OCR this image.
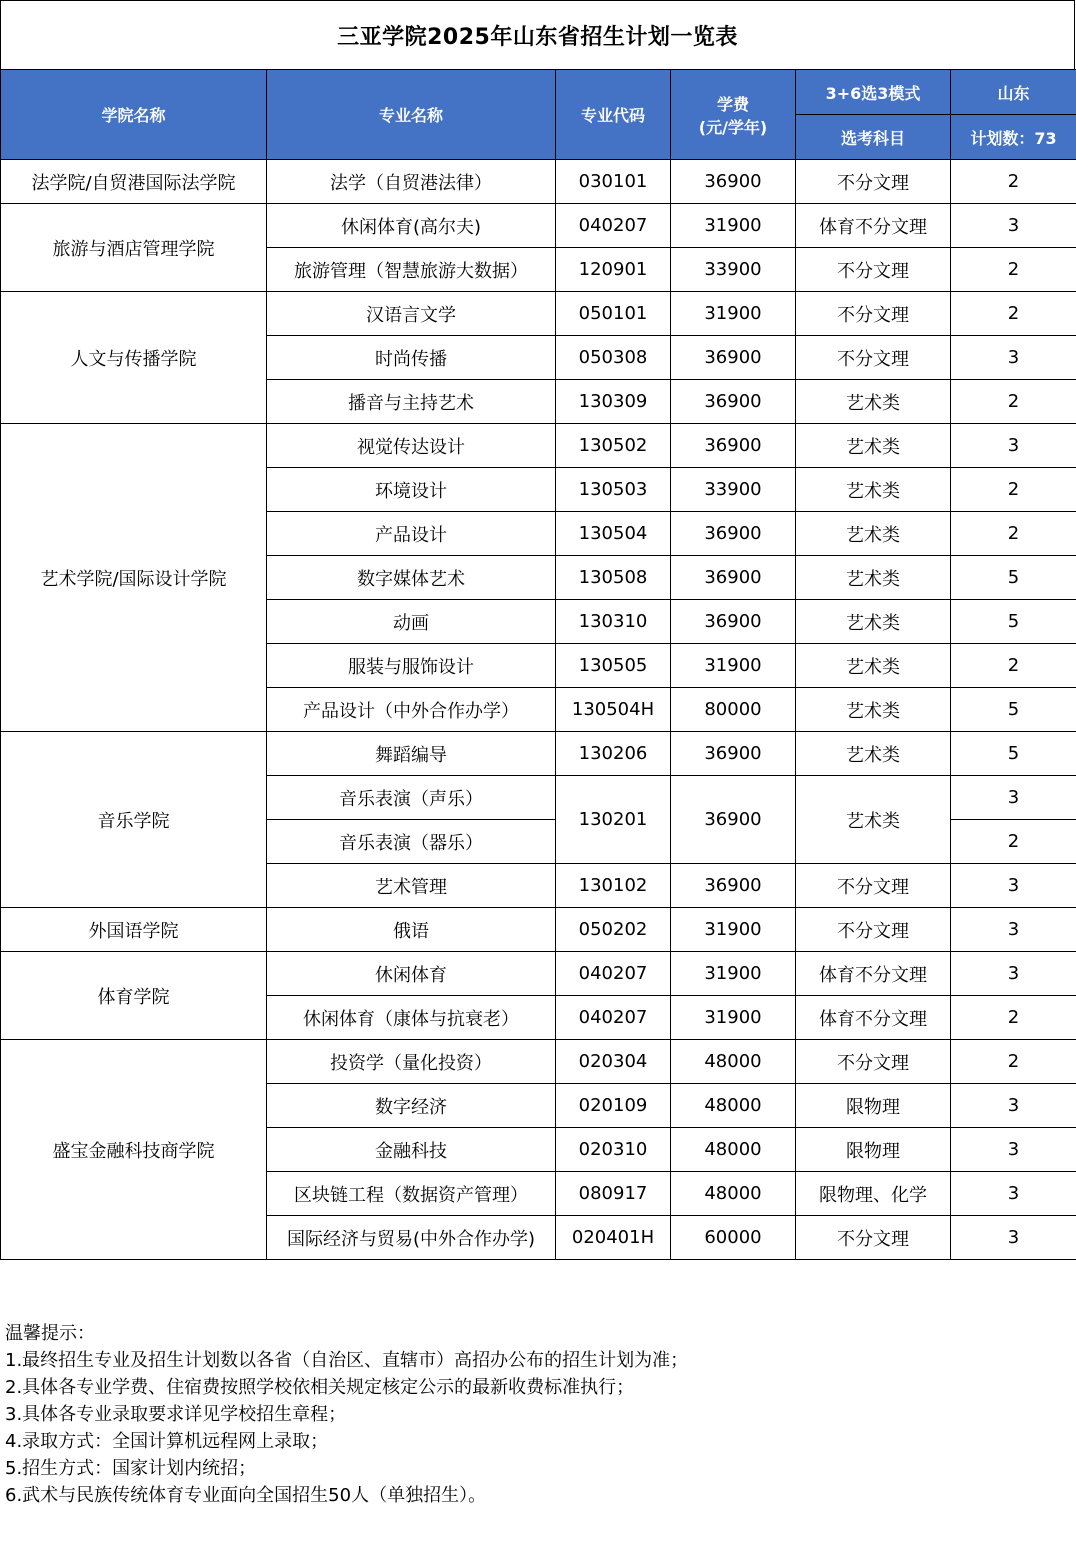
三亚学院2025年山东省招生计划一览表
学院名称	专业名称	专业代码	学费
(元/学年)	3+6选3模式	山东
				选考科目	计划数：73
法学院/自贸港国际法学院	法学（自贸港法律）	030101	36900	不分文理	2
旅游与酒店管理学院	休闲体育(高尔夫)	040207	31900	体育不分文理	3
	旅游管理（智慧旅游大数据）	120901	33900	不分文理	2
人文与传播学院	汉语言文学	050101	31900	不分文理	2
	时尚传播	050308	36900	不分文理	3
	播音与主持艺术	130309	36900	艺术类	2
艺术学院/国际设计学院	视觉传达设计	130502	36900	艺术类	3
	环境设计	130503	33900	艺术类	2
	产品设计	130504	36900	艺术类	2
	数字媒体艺术	130508	36900	艺术类	5
	动画	130310	36900	艺术类	5
	服装与服饰设计	130505	31900	艺术类	2
	产品设计（中外合作办学）	130504H	80000	艺术类	5
音乐学院	舞蹈编导	130206	36900	艺术类	5
	音乐表演（声乐）	130201	36900	艺术类	3
	音乐表演（器乐）				2
	艺术管理	130102	36900	不分文理	3
外国语学院	俄语	050202	31900	不分文理	3
体育学院	休闲体育	040207	31900	体育不分文理	3
	休闲体育（康体与抗衰老）	040207	31900	体育不分文理	2
盛宝金融科技商学院	投资学（量化投资）	020304	48000	不分文理	2
	数字经济	020109	48000	限物理	3
	金融科技	020310	48000	限物理	3
	区块链工程（数据资产管理）	080917	48000	限物理、化学	3
	国际经济与贸易(中外合作办学)	020401H	60000	不分文理	3
温馨提示：
1.最终招生专业及招生计划数以各省（自治区、直辖市）高招办公布的招生计划为准；
2.具体各专业学费、住宿费按照学校依相关规定核定公示的最新收费标准执行；
3.具体各专业录取要求详见学校招生章程；
4.录取方式：全国计算机远程网上录取；
5.招生方式：国家计划内统招；
6.武术与民族传统体育专业面向全国招生50人（单独招生）。
